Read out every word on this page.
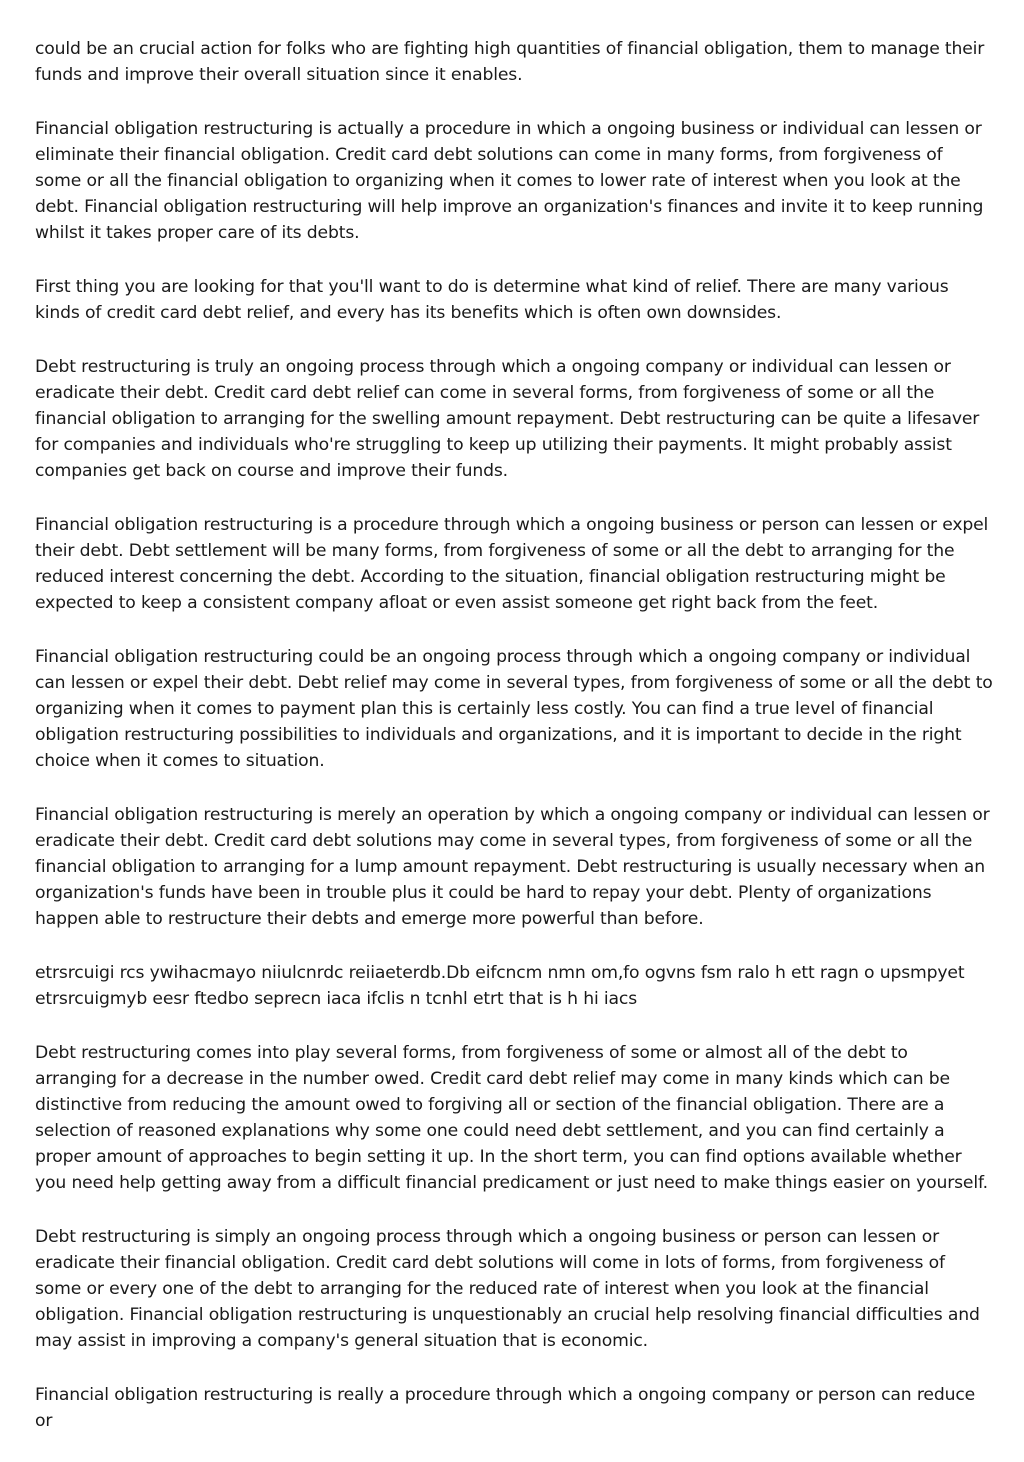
could be an crucial action for folks who are fighting high quantities of financial obligation, them to manage their funds and improve their overall situation since it enables.

Financial obligation restructuring is actually a procedure in which a ongoing business or individual can lessen or eliminate their financial obligation. Credit card debt solutions can come in many forms, from forgiveness of some or all the financial obligation to organizing when it comes to lower rate of interest when you look at the debt. Financial obligation restructuring will help improve an organization's finances and invite it to keep running whilst it takes proper care of its debts.

First thing you are looking for that you'll want to do is determine what kind of relief. There are many various kinds of credit card debt relief, and every has its benefits which is often own downsides.

Debt restructuring is truly an ongoing process through which a ongoing company or individual can lessen or eradicate their debt. Credit card debt relief can come in several forms, from forgiveness of some or all the financial obligation to arranging for the swelling amount repayment. Debt restructuring can be quite a lifesaver for companies and individuals who're struggling to keep up utilizing their payments. It might probably assist companies get back on course and improve their funds.

Financial obligation restructuring is a procedure through which a ongoing business or person can lessen or expel their debt. Debt settlement will be many forms, from forgiveness of some or all the debt to arranging for the reduced interest concerning the debt. According to the situation, financial obligation restructuring might be expected to keep a consistent company afloat or even assist someone get right back from the feet.

Financial obligation restructuring could be an ongoing process through which a ongoing company or individual can lessen or expel their debt. Debt relief may come in several types, from forgiveness of some or all the debt to organizing when it comes to payment plan this is certainly less costly. You can find a true level of financial obligation restructuring possibilities to individuals and organizations, and it is important to decide in the right choice when it comes to situation.

Financial obligation restructuring is merely an operation by which a ongoing company or individual can lessen or eradicate their debt. Credit card debt solutions may come in several types, from forgiveness of some or all the financial obligation to arranging for a lump amount repayment. Debt restructuring is usually necessary when an organization's funds have been in trouble plus it could be hard to repay your debt. Plenty of organizations happen able to restructure their debts and emerge more powerful than before.

etrsrcuigi rcs ywihacmayo niiulcnrdc reiiaeterdb.Db eifcncm nmn om,fo ogvns fsm ralo h ett ragn o upsmpyet etrsrcuigmyb eesr ftedbo seprecn iaca ifclis n tcnhl etrt that is h hi iacs

Debt restructuring comes into play several forms, from forgiveness of some or almost all of the debt to arranging for a decrease in the number owed. Credit card debt relief may come in many kinds which can be distinctive from reducing the amount owed to forgiving all or section of the financial obligation. There are a selection of reasoned explanations why some one could need debt settlement, and you can find certainly a proper amount of approaches to begin setting it up. In the short term, you can find options available whether you need help getting away from a difficult financial predicament or just need to make things easier on yourself.

Debt restructuring is simply an ongoing process through which a ongoing business or person can lessen or eradicate their financial obligation. Credit card debt solutions will come in lots of forms, from forgiveness of some or every one of the debt to arranging for the reduced rate of interest when you look at the financial obligation. Financial obligation restructuring is unquestionably an crucial help resolving financial difficulties and may assist in improving a company's general situation that is economic.

Financial obligation restructuring is really a procedure through which a ongoing company or person can reduce or
